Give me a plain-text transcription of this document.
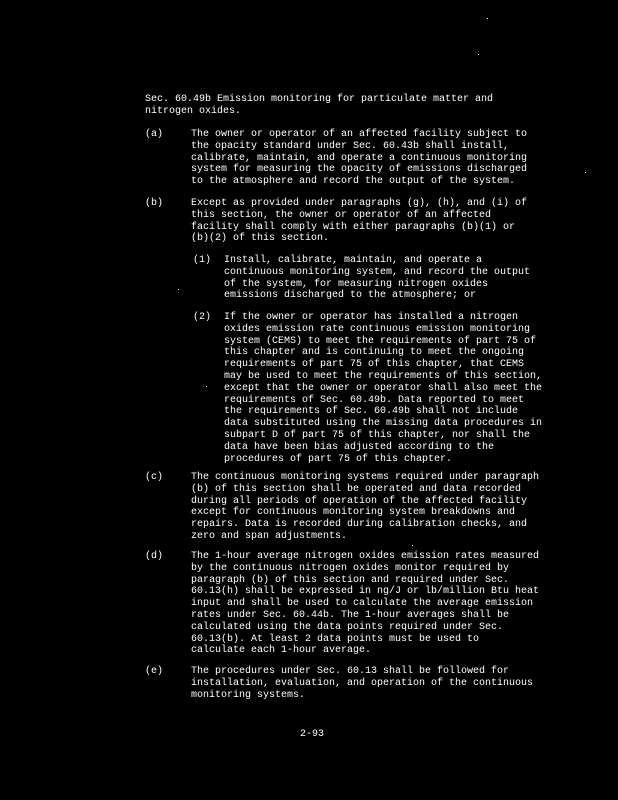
Sec. 60.49b Emission monitoring for particulate matter and
nitrogen oxides.
(a)	The owner or operator of an affected facility subject to
the opacity standard under Sec. 60.43b shall install,
calibrate, maintain, and operate a continuous monitoring
system for measuring the opacity of emissions discharged
to the atmosphere and record the output of the system.
(b)	Except as provided under paragraphs (g), (h), and (i) of
this section, the owner or operator of an affected
facility shall comply with either paragraphs (b)(1) or
(b)(2) of this section.
(1) Install, calibrate, maintain, and operate a
continuous monitoring system, and record the output
of the system, for measuring nitrogen oxides
emissions discharged to the atmosphere; or
(2) If the owner or operator has installed a nitrogen
oxides emission rate continuous emission monitoring
system (CEMS) to meet the requirements of part 75 of
this chapter and is continuing to meet the ongoing
requirements of part 75 of this chapter, that CEMS
may be used to meet the requirements of this section,
except that the owner or operator shall also meet the
requirements of Sec. 60.49b. Data reported to meet
the requirements of Sec. 60.49b shall not include
data substituted using the missing data procedures in
subpart D of part 75 of this chapter, nor shall the
data have been bias adjusted according to the
procedures of part 75 of this chapter.
(c)	The continuous monitoring systems required under paragraph
(b) of this section shall be operated and data recorded
during all periods of operation of the affected facility
except for continuous monitoring system breakdowns and
repairs. Data is recorded during calibration checks, and
zero and span adjustments.
(d)	The 1-hour average nitrogen oxides emission rates measured
by the continuous nitrogen oxides monitor required by
paragraph (b) of this section and required under Sec.
60.13(h) shall be expressed in ng/J or lb/million Btu heat
input and shall be used to calculate the average emission
rates under Sec. 60.44b. The 1-hour averages shall be
calculated using the data points required under Sec.
60.13(b). At least 2 data points must be used to
calculate each 1-hour average.
(e)	The procedures under Sec. 60.13 shall be followed for
installation, evaluation, and operation of the continuous
monitoring systems.
2-93
